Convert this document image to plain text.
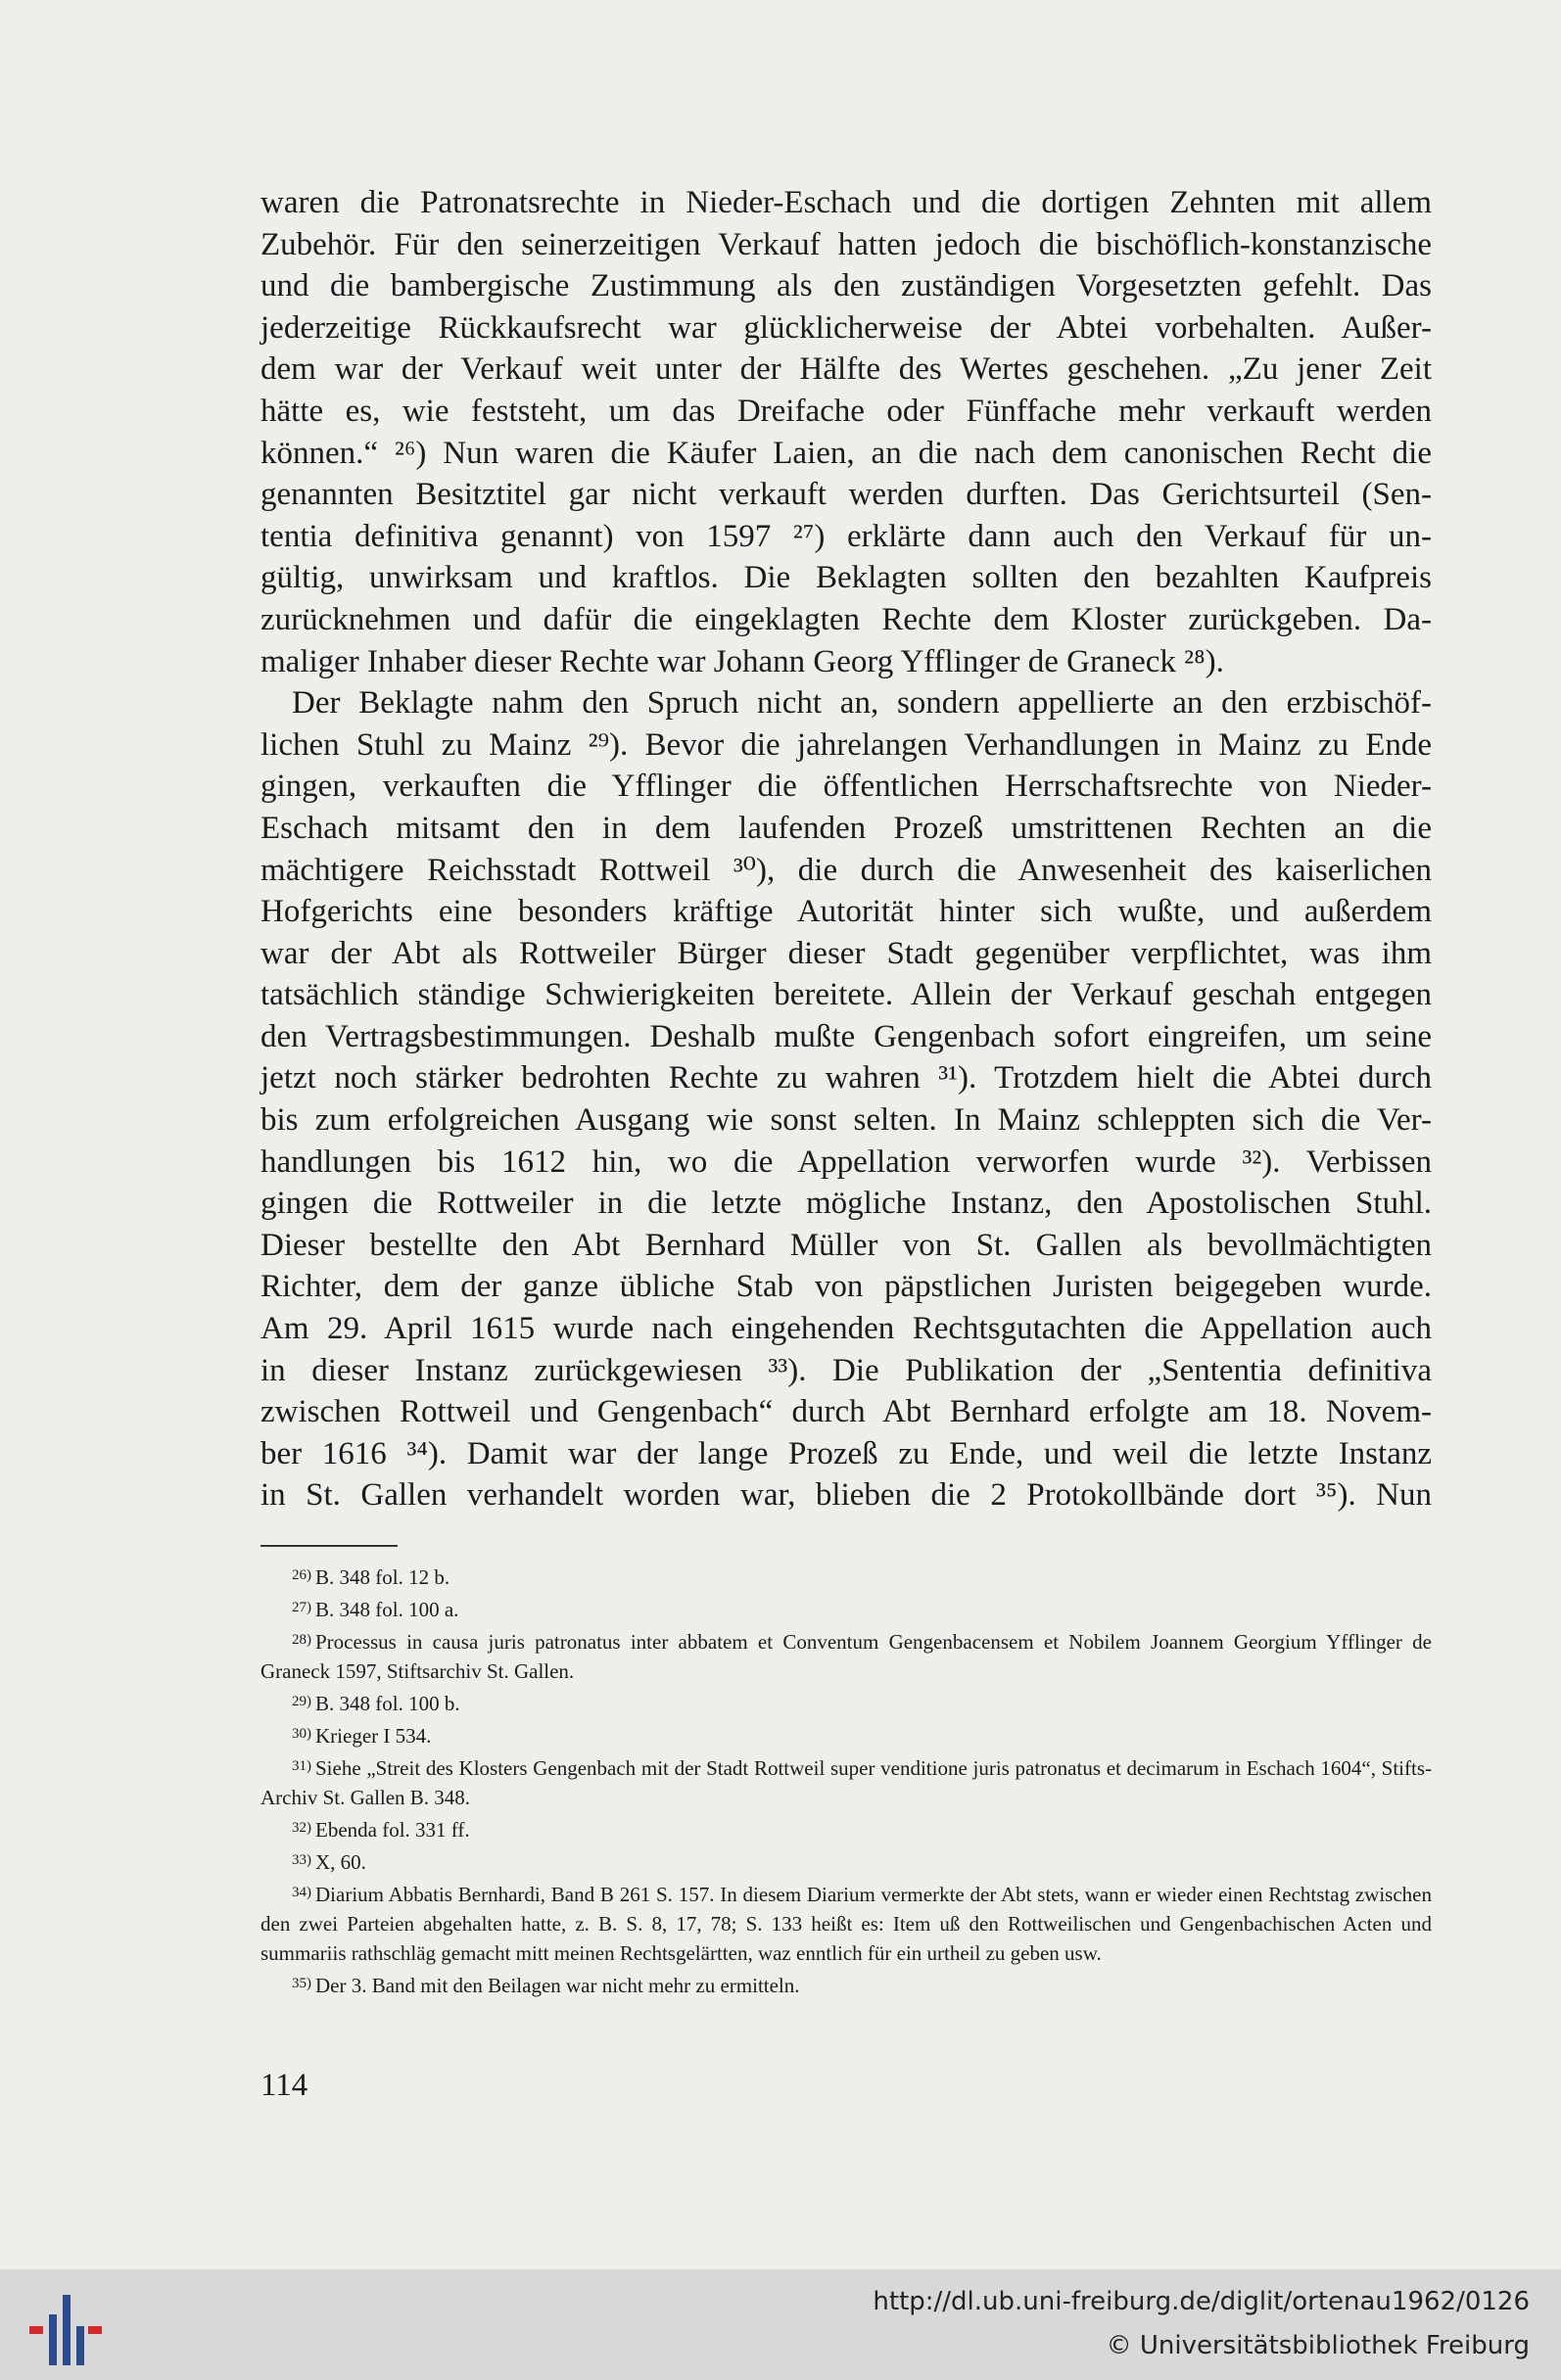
waren die Patronatsrechte in Nieder-Eschach und die dortigen Zehnten mit allem
Zubehör. Für den seinerzeitigen Verkauf hatten jedoch die bischöflich-konstanzische
und die bambergische Zustimmung als den zuständigen Vorgesetzten gefehlt. Das
jederzeitige Rückkaufsrecht war glücklicherweise der Abtei vorbehalten. Außer-
dem war der Verkauf weit unter der Hälfte des Wertes geschehen. „Zu jener Zeit
hätte es, wie feststeht, um das Dreifache oder Fünffache mehr verkauft werden
können.“ ²⁶) Nun waren die Käufer Laien, an die nach dem canonischen Recht die
genannten Besitztitel gar nicht verkauft werden durften. Das Gerichtsurteil (Sen-
tentia definitiva genannt) von 1597 ²⁷) erklärte dann auch den Verkauf für un-
gültig, unwirksam und kraftlos. Die Beklagten sollten den bezahlten Kaufpreis
zurücknehmen und dafür die eingeklagten Rechte dem Kloster zurückgeben. Da-
maliger Inhaber dieser Rechte war Johann Georg Yfflinger de Graneck ²⁸).

Der Beklagte nahm den Spruch nicht an, sondern appellierte an den erzbischöf-
lichen Stuhl zu Mainz ²⁹). Bevor die jahrelangen Verhandlungen in Mainz zu Ende
gingen, verkauften die Yfflinger die öffentlichen Herrschaftsrechte von Nieder-
Eschach mitsamt den in dem laufenden Prozeß umstrittenen Rechten an die
mächtigere Reichsstadt Rottweil ³⁰), die durch die Anwesenheit des kaiserlichen
Hofgerichts eine besonders kräftige Autorität hinter sich wußte, und außerdem
war der Abt als Rottweiler Bürger dieser Stadt gegenüber verpflichtet, was ihm
tatsächlich ständige Schwierigkeiten bereitete. Allein der Verkauf geschah entgegen
den Vertragsbestimmungen. Deshalb mußte Gengenbach sofort eingreifen, um seine
jetzt noch stärker bedrohten Rechte zu wahren ³¹). Trotzdem hielt die Abtei durch
bis zum erfolgreichen Ausgang wie sonst selten. In Mainz schleppten sich die Ver-
handlungen bis 1612 hin, wo die Appellation verworfen wurde ³²). Verbissen
gingen die Rottweiler in die letzte mögliche Instanz, den Apostolischen Stuhl.
Dieser bestellte den Abt Bernhard Müller von St. Gallen als bevollmächtigten
Richter, dem der ganze übliche Stab von päpstlichen Juristen beigegeben wurde.
Am 29. April 1615 wurde nach eingehenden Rechtsgutachten die Appellation auch
in dieser Instanz zurückgewiesen ³³). Die Publikation der „Sententia definitiva
zwischen Rottweil und Gengenbach“ durch Abt Bernhard erfolgte am 18. Novem-
ber 1616 ³⁴). Damit war der lange Prozeß zu Ende, und weil die letzte Instanz
in St. Gallen verhandelt worden war, blieben die 2 Protokollbände dort ³⁵). Nun

$^{26)}$ B. 348 fol. 12 b.

$^{27)}$ B. 348 fol. 100 a.

$^{28)}$ Processus in causa juris patronatus inter abbatem et Conventum Gengenbacensem et Nobilem Joannem Georgium Yfflinger de Graneck 1597, Stiftsarchiv St. Gallen.

$^{29)}$ B. 348 fol. 100 b.

$^{30)}$ Krieger I 534.

$^{31)}$ Siehe „Streit des Klosters Gengenbach mit der Stadt Rottweil super venditione juris patronatus et decimarum in Eschach 1604“, Stifts-Archiv St. Gallen B. 348.

$^{32)}$ Ebenda fol. 331 ff.

$^{33)}$ X, 60.

$^{34)}$ Diarium Abbatis Bernhardi, Band B 261 S. 157. In diesem Diarium vermerkte der Abt stets, wann er wieder einen Rechtstag zwischen den zwei Parteien abgehalten hatte, z. B. S. 8, 17, 78; S. 133 heißt es: Item uß den Rottweilischen und Gengenbachischen Acten und summariis rathschläg gemacht mitt meinen Rechtsgelärtten, waz enntlich für ein urtheil zu geben usw.

$^{35)}$ Der 3. Band mit den Beilagen war nicht mehr zu ermitteln.

114
http://dl.ub.uni-freiburg.de/diglit/ortenau1962/0126
© Universitätsbibliothek Freiburg
